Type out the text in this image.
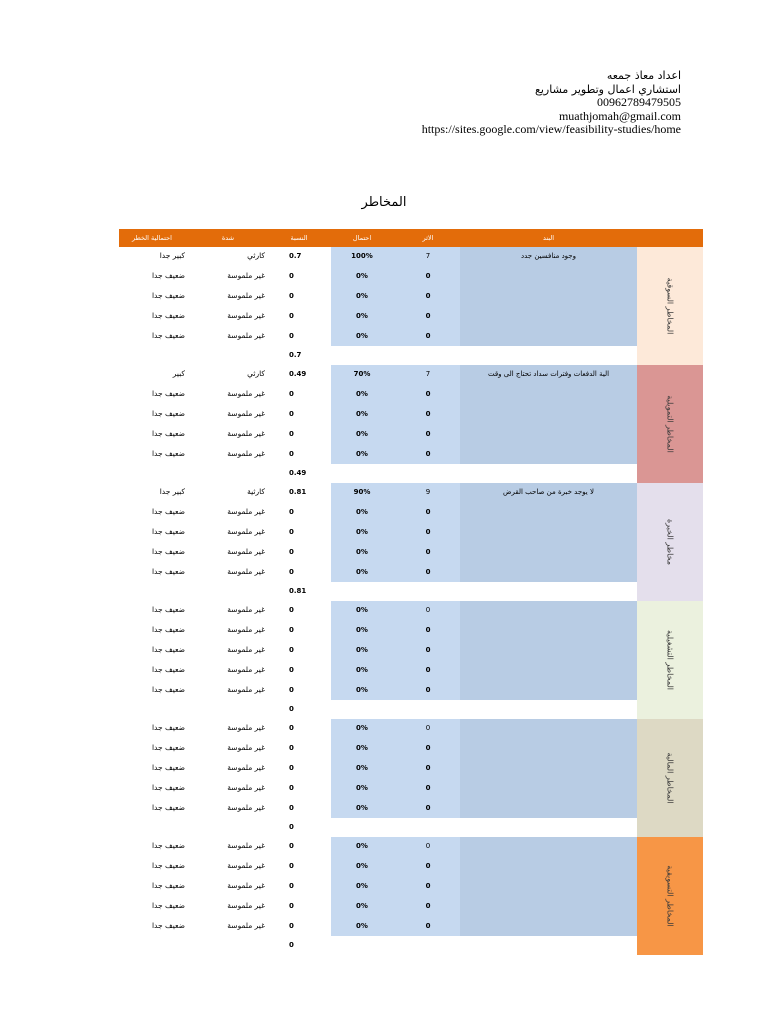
اعداد معاذ جمعه
استشاري اعمال وتطوير مشاريع
00962789479505
muathjomah@gmail.com
https://sites.google.com/view/feasibility-studies/home
المخاطر
احتمالية الخطر	شدة	النسبة	احتمال	الاثر	البند
المخاطر السوقية
كبير جدا	كارثي	0.7	100%	7	وجود منافسين جدد
ضعيف جدا	غير ملموسة	0	0%	0
ضعيف جدا	غير ملموسة	0	0%	0
ضعيف جدا	غير ملموسة	0	0%	0
ضعيف جدا	غير ملموسة	0	0%	0
0.7
المخاطر التمويلية
كبير	كارثي	0.49	70%	7	الية الدفعات وفترات سداد تحتاج الى وقت
ضعيف جدا	غير ملموسة	0	0%	0
ضعيف جدا	غير ملموسة	0	0%	0
ضعيف جدا	غير ملموسة	0	0%	0
ضعيف جدا	غير ملموسة	0	0%	0
0.49
مخاطر الخبرة
كبير جدا	كارثية	0.81	90%	9	لا يوجد خبرة من صاحب القرض
ضعيف جدا	غير ملموسة	0	0%	0
ضعيف جدا	غير ملموسة	0	0%	0
ضعيف جدا	غير ملموسة	0	0%	0
ضعيف جدا	غير ملموسة	0	0%	0
0.81
المخاطر التشغيلية
ضعيف جدا	غير ملموسة	0	0%	0
ضعيف جدا	غير ملموسة	0	0%	0
ضعيف جدا	غير ملموسة	0	0%	0
ضعيف جدا	غير ملموسة	0	0%	0
ضعيف جدا	غير ملموسة	0	0%	0
0
المخاطر المالية
ضعيف جدا	غير ملموسة	0	0%	0
ضعيف جدا	غير ملموسة	0	0%	0
ضعيف جدا	غير ملموسة	0	0%	0
ضعيف جدا	غير ملموسة	0	0%	0
ضعيف جدا	غير ملموسة	0	0%	0
0
المخاطر التسويقية
ضعيف جدا	غير ملموسة	0	0%	0
ضعيف جدا	غير ملموسة	0	0%	0
ضعيف جدا	غير ملموسة	0	0%	0
ضعيف جدا	غير ملموسة	0	0%	0
ضعيف جدا	غير ملموسة	0	0%	0
0
